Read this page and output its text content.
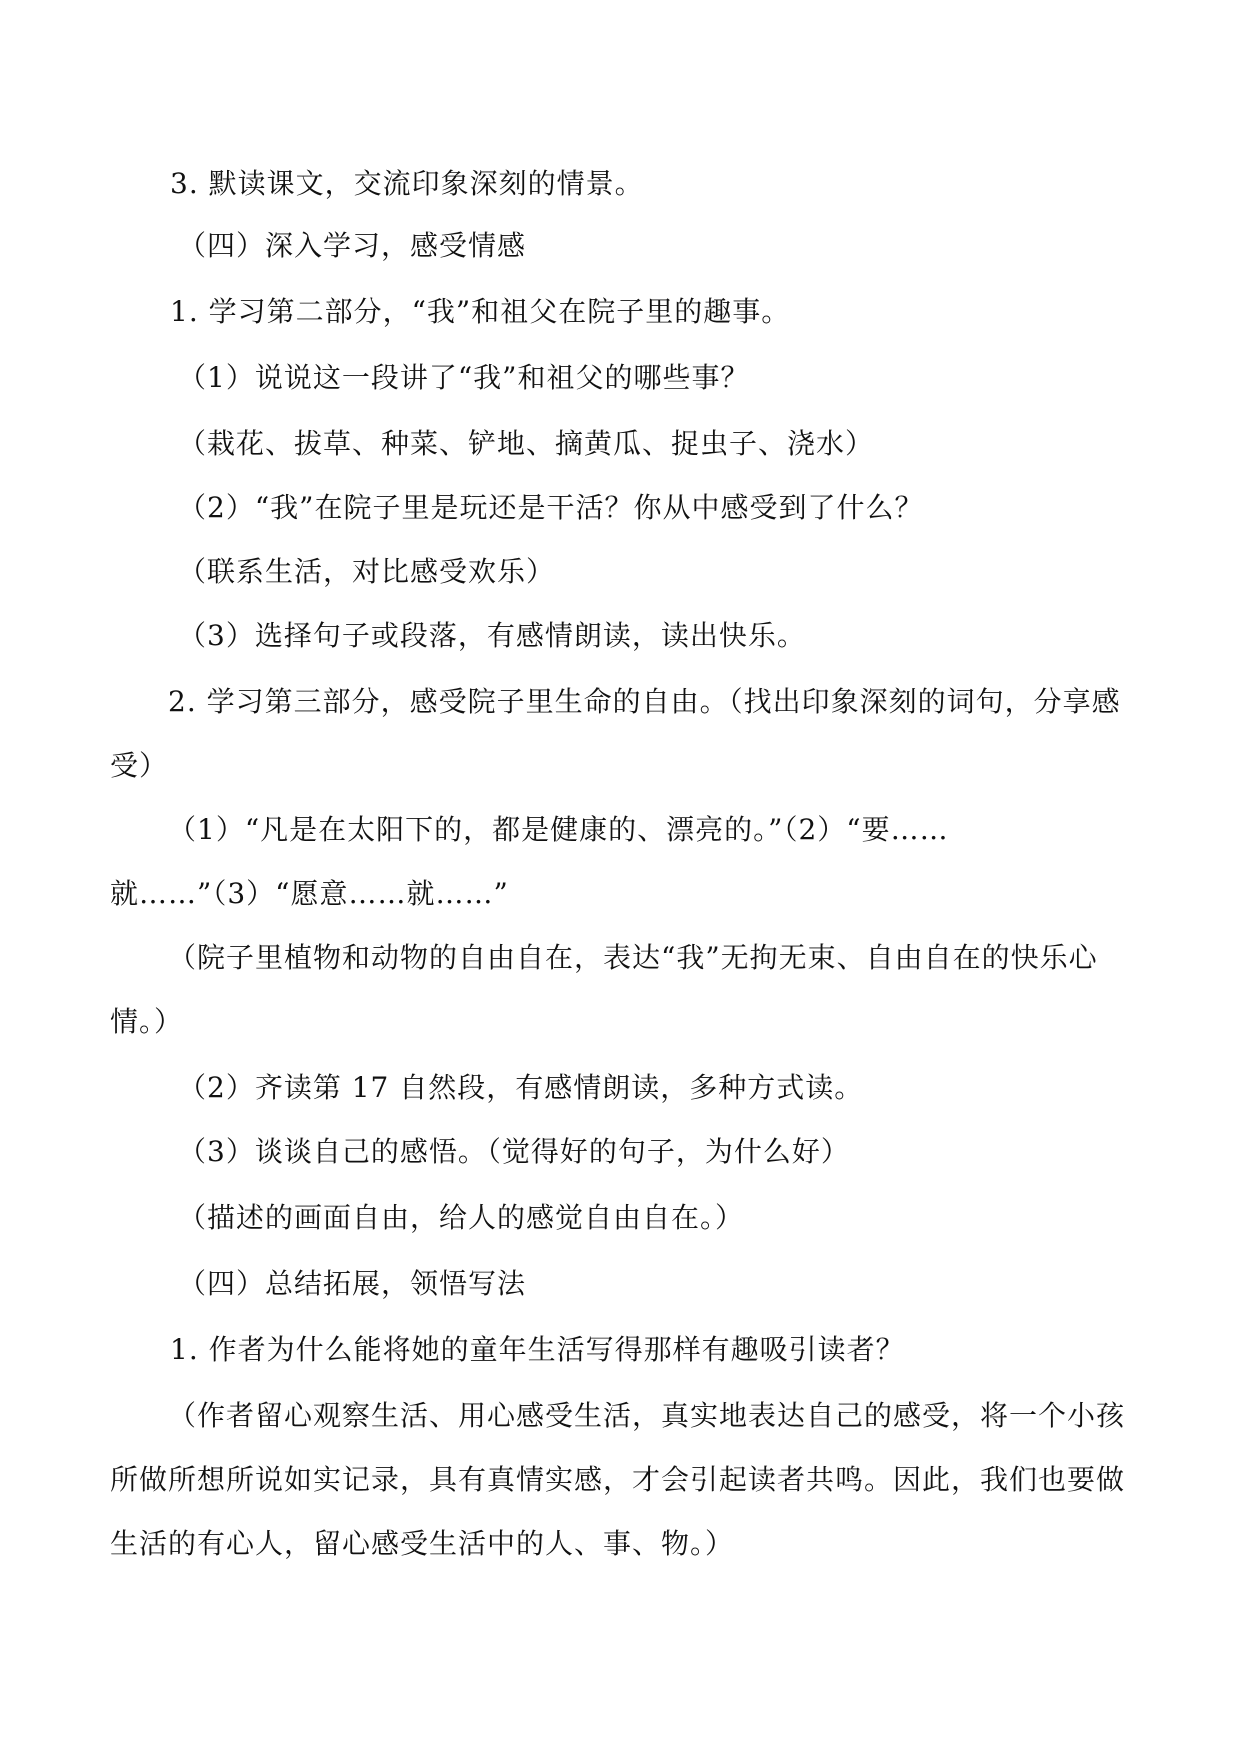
3. 默读课文，交流印象深刻的情景。
（四）深入学习，感受情感
1. 学习第二部分，“我”和祖父在院子里的趣事。
（1）说说这一段讲了“我”和祖父的哪些事？
（栽花、拔草、种菜、铲地、摘黄瓜、捉虫子、浇水）
（2）“我”在院子里是玩还是干活？你从中感受到了什么？
（联系生活，对比感受欢乐）
（3）选择句子或段落，有感情朗读，读出快乐。
2. 学习第三部分，感受院子里生命的自由。（找出印象深刻的词句，分享感受）
（1）“凡是在太阳下的，都是健康的、漂亮的。”（2）“要……就……”（3）“愿意……就……”
（院子里植物和动物的自由自在，表达“我”无拘无束、自由自在的快乐心情。）
（2）齐读第 17 自然段，有感情朗读，多种方式读。
（3）谈谈自己的感悟。（觉得好的句子，为什么好）
（描述的画面自由，给人的感觉自由自在。）
（四）总结拓展，领悟写法
1. 作者为什么能将她的童年生活写得那样有趣吸引读者？
（作者留心观察生活、用心感受生活，真实地表达自己的感受，将一个小孩所做所想所说如实记录，具有真情实感，才会引起读者共鸣。因此，我们也要做生活的有心人，留心感受生活中的人、事、物。）
